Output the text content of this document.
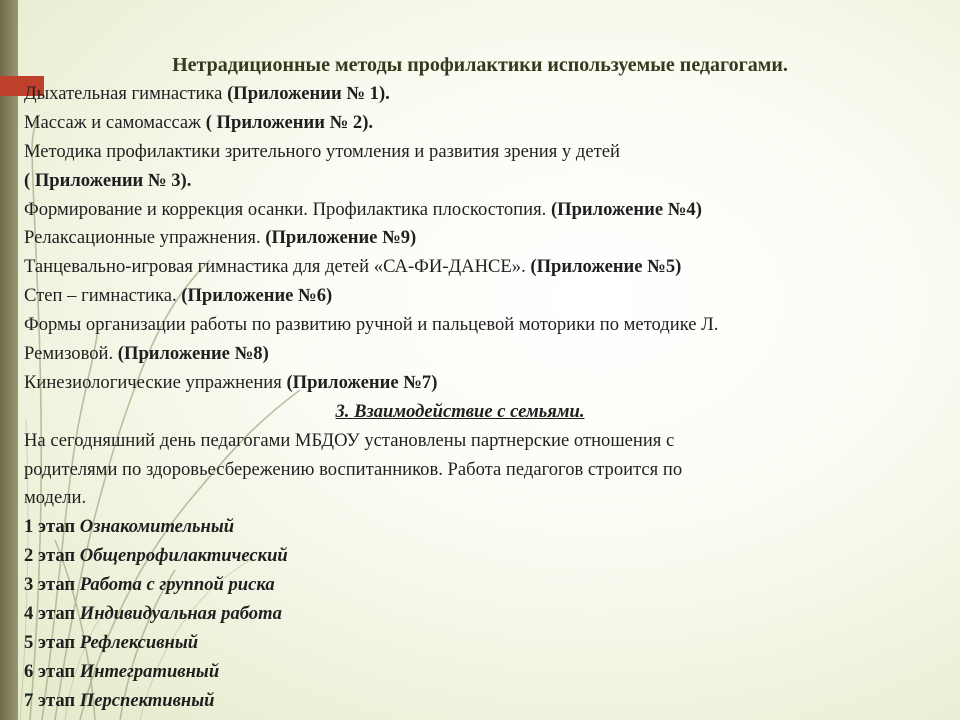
Нетрадиционные методы профилактики используемые педагогами.
Дыхательная гимнастика (Приложении № 1).
Массаж и самомассаж ( Приложении № 2).
Методика профилактики зрительного утомления и развития зрения у детей
( Приложении № 3).
Формирование и коррекция осанки. Профилактика плоскостопия. (Приложение №4)
Релаксационные упражнения. (Приложение №9)
Танцевально-игровая гимнастика для детей «СА-ФИ-ДАНСЕ». (Приложение №5)
Степ – гимнастика. (Приложение №6)
Формы организации работы по развитию ручной и пальцевой моторики по методике Л.
Ремизовой. (Приложение №8)
Кинезиологические упражнения (Приложение №7)
3. Взаимодействие с семьями.
На сегодняшний день педагогами МБДОУ установлены партнерские отношения с
родителями по здоровьесбережению воспитанников. Работа педагогов строится по
модели.
1 этап Ознакомительный
2 этап Общепрофилактический
3 этап Работа с группой риска
4 этап Индивидуальная работа
5 этап Рефлексивный
6 этап Интегративный
7 этап Перспективный
